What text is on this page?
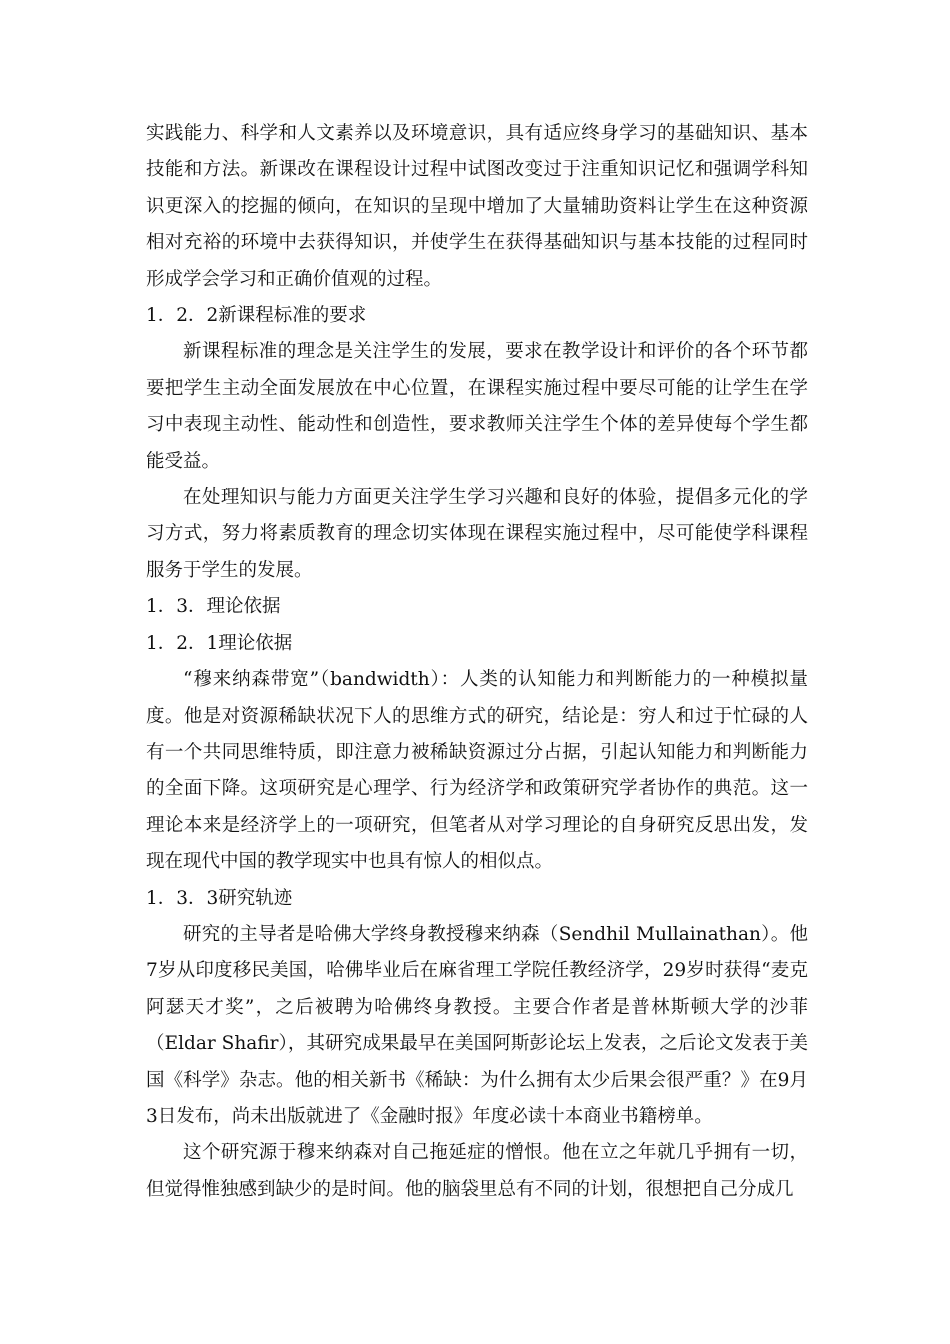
实践能力、科学和人文素养以及环境意识，具有适应终身学习的基础知识、基本技能和方法。新课改在课程设计过程中试图改变过于注重知识记忆和强调学科知识更深入的挖掘的倾向，在知识的呈现中增加了大量辅助资料让学生在这种资源相对充裕的环境中去获得知识，并使学生在获得基础知识与基本技能的过程同时形成学会学习和正确价值观的过程。

1．2．2新课程标准的要求

新课程标准的理念是关注学生的发展，要求在教学设计和评价的各个环节都要把学生主动全面发展放在中心位置，在课程实施过程中要尽可能的让学生在学习中表现主动性、能动性和创造性，要求教师关注学生个体的差异使每个学生都能受益。

在处理知识与能力方面更关注学生学习兴趣和良好的体验，提倡多元化的学习方式，努力将素质教育的理念切实体现在课程实施过程中，尽可能使学科课程服务于学生的发展。

1．3．理论依据

1．2．1理论依据

“穆来纳森带宽”（bandwidth）：人类的认知能力和判断能力的一种模拟量度。他是对资源稀缺状况下人的思维方式的研究，结论是：穷人和过于忙碌的人有一个共同思维特质，即注意力被稀缺资源过分占据，引起认知能力和判断能力的全面下降。这项研究是心理学、行为经济学和政策研究学者协作的典范。这一理论本来是经济学上的一项研究，但笔者从对学习理论的自身研究反思出发，发现在现代中国的教学现实中也具有惊人的相似点。

1．3．3研究轨迹

研究的主导者是哈佛大学终身教授穆来纳森（Sendhil Mullainathan）。他7岁从印度移民美国，哈佛毕业后在麻省理工学院任教经济学，29岁时获得“麦克阿瑟天才奖”，之后被聘为哈佛终身教授。主要合作者是普林斯顿大学的沙菲（Eldar Shafir），其研究成果最早在美国阿斯彭论坛上发表，之后论文发表于美国《科学》杂志。他的相关新书《稀缺：为什么拥有太少后果会很严重？》在9月3日发布，尚未出版就进了《金融时报》年度必读十本商业书籍榜单。

这个研究源于穆来纳森对自己拖延症的憎恨。他在立之年就几乎拥有一切，但觉得惟独感到缺少的是时间。他的脑袋里总有不同的计划，很想把自己分成几
